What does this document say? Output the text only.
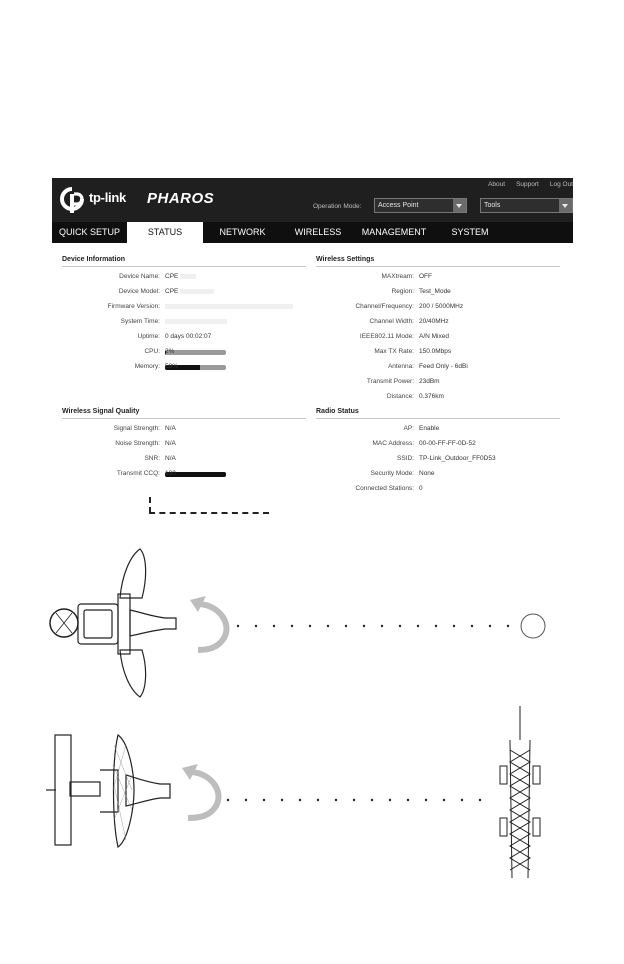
tp-link PHAROS
About Support Log Out
Operation Mode: Access Point	Tools
QUICK SETUP	STATUS	NETWORK	WIRELESS	MANAGEMENT	SYSTEM
Device Information
Device Name: CPE
Device Model: CPE
Firmware Version:
System Time:
Uptime: 0 days 00:02:07
CPU: 2%
Memory: 58%
Wireless Settings
MAXtream: OFF
Region: Test_Mode
Channel/Frequency: 200 / 5000MHz
Channel Width: 20/40MHz
IEEE802.11 Mode: A/N Mixed
Max TX Rate: 150.0Mbps
Antenna: Feed Only - 6dBi
Transmit Power: 23dBm
Distance: 0.376km
Wireless Signal Quality
Signal Strength: N/A
Noise Strength: N/A
SNR: N/A
Transmit CCQ: 100
Radio Status
AP: Enable
MAC Address: 00-00-FF-FF-0D-52
SSID: TP-Link_Outdoor_FF0D53
Security Mode: None
Connected Stations: 0
